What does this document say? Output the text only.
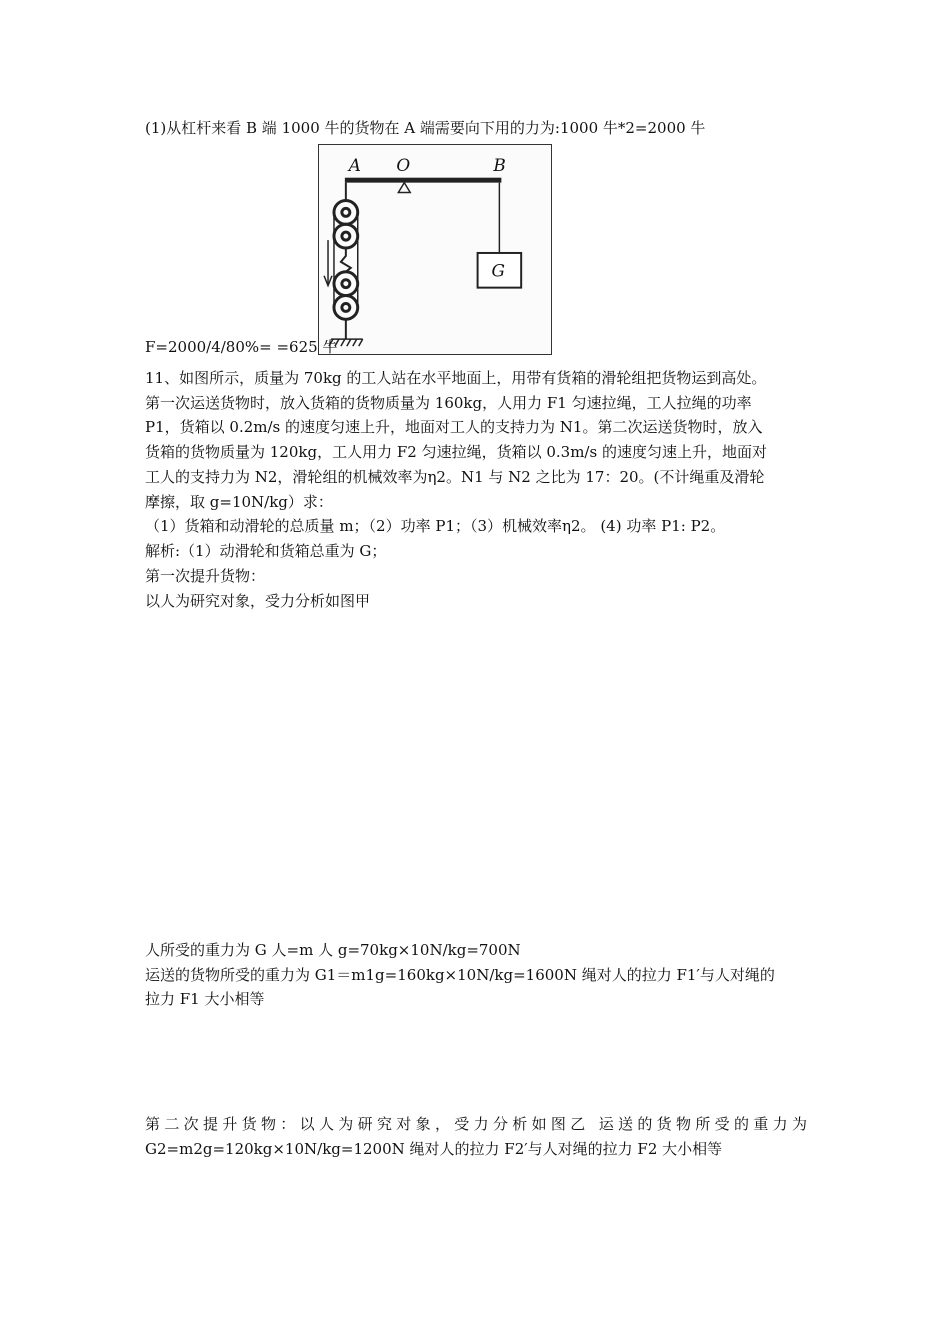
(1)从杠杆来看 B 端 1000 牛的货物在 A 端需要向下用的力为:1000 牛*2=2000 牛
G
A O	B
F=2000/4/80%= =625 牛
11、如图所示，质量为 70kg 的工人站在水平地面上，用带有货箱的滑轮组把货物运到高处。
第一次运送货物时，放入货箱的货物质量为 160kg，人用力 F1 匀速拉绳，工人拉绳的功率
P1，货箱以 0.2m/s 的速度匀速上升，地面对工人的支持力为 N1。第二次运送货物时，放入
货箱的货物质量为 120kg，工人用力 F2 匀速拉绳，货箱以 0.3m/s 的速度匀速上升，地面对
工人的支持力为 N2，滑轮组的机械效率为η2。N1 与 N2 之比为 17：20。(不计绳重及滑轮
摩擦，取 g=10N/kg）求：
（1）货箱和动滑轮的总质量 m；（2）功率 P1；（3）机械效率η2。 (4) 功率 P1: P2。
解析:（1）动滑轮和货箱总重为 G；
第一次提升货物：
以人为研究对象，受力分析如图甲
人所受的重力为 G 人=m 人 g=70kg×10N/kg=700N
运送的货物所受的重力为 G1＝m1g=160kg×10N/kg=1600N 绳对人的拉力 F1′与人对绳的
拉力 F1 大小相等
第二次提升货物：以人为研究对象，受力分析如图乙 运送的货物所受的重力为
G2=m2g=120kg×10N/kg=1200N 绳对人的拉力 F2′与人对绳的拉力 F2 大小相等
